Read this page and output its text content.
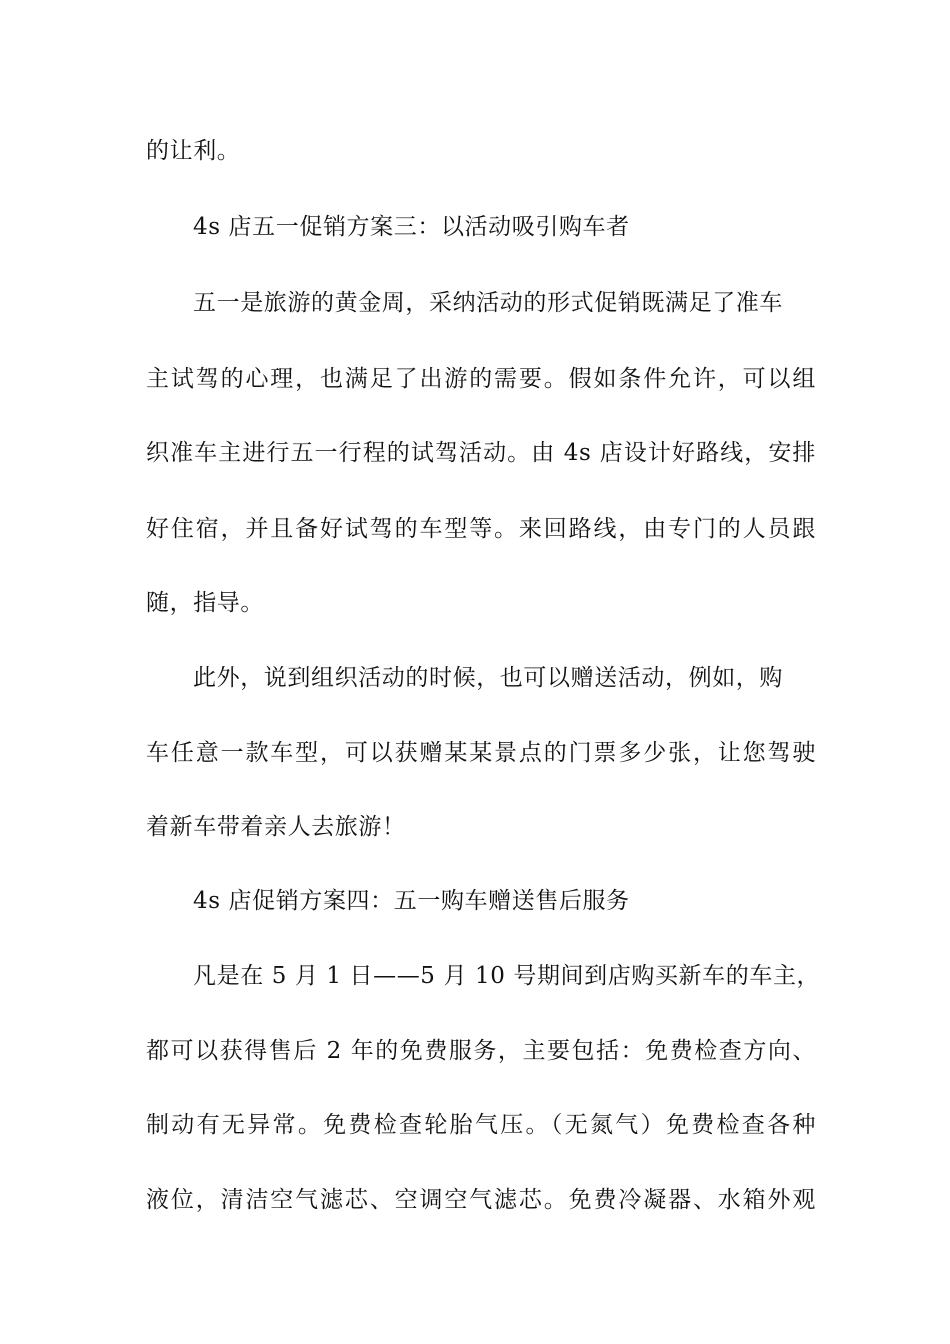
的让利。
4s 店五一促销方案三：以活动吸引购车者
五一是旅游的黄金周，采纳活动的形式促销既满足了准车
主试驾的心理，也满足了出游的需要。假如条件允许，可以组
织准车主进行五一行程的试驾活动。由 4s 店设计好路线，安排
好住宿，并且备好试驾的车型等。来回路线，由专门的人员跟
随，指导。
此外，说到组织活动的时候，也可以赠送活动，例如，购
车任意一款车型，可以获赠某某景点的门票多少张，让您驾驶
着新车带着亲人去旅游！
4s 店促销方案四：五一购车赠送售后服务
凡是在 5 月 1 日——5 月 10 号期间到店购买新车的车主，
都可以获得售后 2 年的免费服务，主要包括：免费检查方向、
制动有无异常。免费检查轮胎气压。（无氮气）免费检查各种
液位，清洁空气滤芯、空调空气滤芯。免费冷凝器、水箱外观
